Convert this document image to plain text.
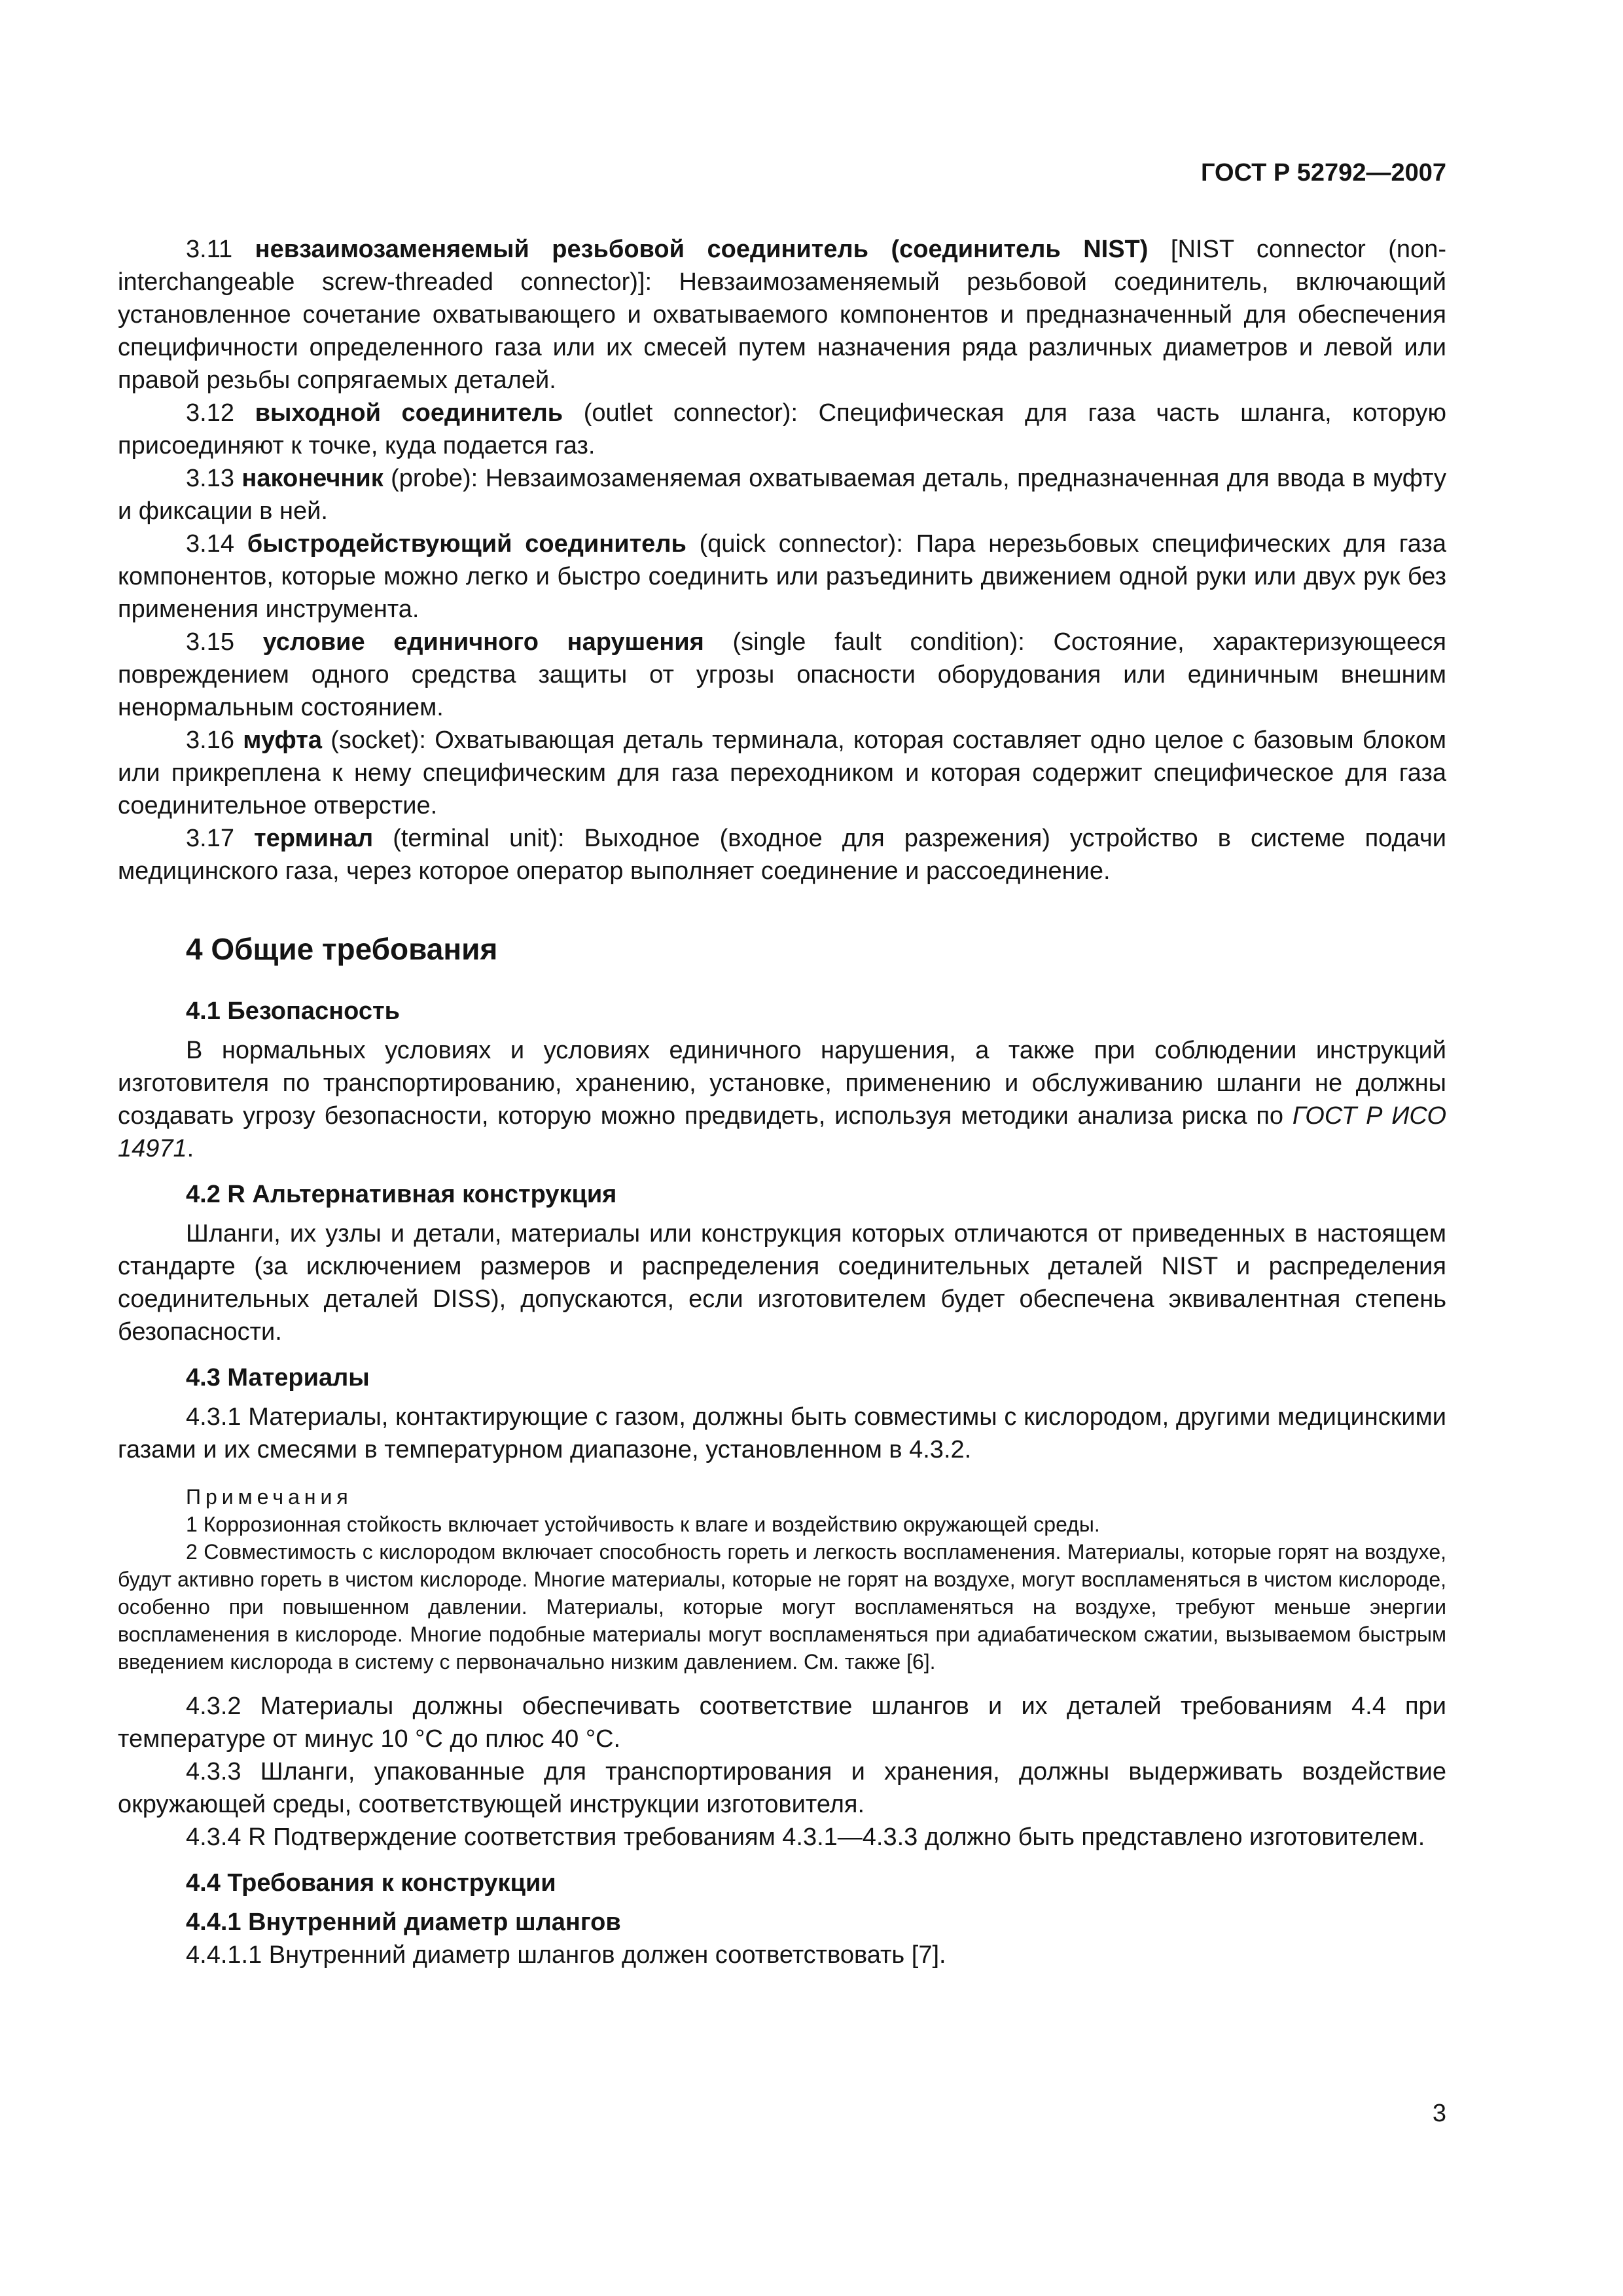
ГОСТ Р 52792—2007

3.11 невзаимозаменяемый резьбовой соединитель (соединитель NIST) [NIST connector (non-interchangeable screw-threaded connector)]: Невзаимозаменяемый резьбовой соединитель, включающий установленное сочетание охватывающего и охватываемого компонентов и предназначенный для обеспечения специфичности определенного газа или их смесей путем назначения ряда различных диаметров и левой или правой резьбы сопрягаемых деталей.

3.12 выходной соединитель (outlet connector): Специфическая для газа часть шланга, которую присоединяют к точке, куда подается газ.

3.13 наконечник (probe): Невзаимозаменяемая охватываемая деталь, предназначенная для ввода в муфту и фиксации в ней.

3.14 быстродействующий соединитель (quick connector): Пара нерезьбовых специфических для газа компонентов, которые можно легко и быстро соединить или разъединить движением одной руки или двух рук без применения инструмента.

3.15 условие единичного нарушения (single fault condition): Состояние, характеризующееся повреждением одного средства защиты от угрозы опасности оборудования или единичным внешним ненормальным состоянием.

3.16 муфта (socket): Охватывающая деталь терминала, которая составляет одно целое с базовым блоком или прикреплена к нему специфическим для газа переходником и которая содержит специфическое для газа соединительное отверстие.

3.17 терминал (terminal unit): Выходное (входное для разрежения) устройство в системе подачи медицинского газа, через которое оператор выполняет соединение и рассоединение.

4 Общие требования
4.1 Безопасность

В нормальных условиях и условиях единичного нарушения, а также при соблюдении инструкций изготовителя по транспортированию, хранению, установке, применению и обслуживанию шланги не должны создавать угрозу безопасности, которую можно предвидеть, используя методики анализа риска по ГОСТ Р ИСО 14971.

4.2 R Альтернативная конструкция

Шланги, их узлы и детали, материалы или конструкция которых отличаются от приведенных в настоящем стандарте (за исключением размеров и распределения соединительных деталей NIST и распределения соединительных деталей DISS), допускаются, если изготовителем будет обеспечена эквивалентная степень безопасности.

4.3 Материалы

4.3.1 Материалы, контактирующие с газом, должны быть совместимы с кислородом, другими медицинскими газами и их смесями в температурном диапазоне, установленном в 4.3.2.

Примечания

1 Коррозионная стойкость включает устойчивость к влаге и воздействию окружающей среды.

2 Совместимость с кислородом включает способность гореть и легкость воспламенения. Материалы, которые горят на воздухе, будут активно гореть в чистом кислороде. Многие материалы, которые не горят на воздухе, могут воспламеняться в чистом кислороде, особенно при повышенном давлении. Материалы, которые могут воспламеняться на воздухе, требуют меньше энергии воспламенения в кислороде. Многие подобные материалы могут воспламеняться при адиабатическом сжатии, вызываемом быстрым введением кислорода в систему с первоначально низким давлением. См. также [6].

4.3.2 Материалы должны обеспечивать соответствие шлангов и их деталей требованиям 4.4 при температуре от минус 10 °С до плюс 40 °С.

4.3.3 Шланги, упакованные для транспортирования и хранения, должны выдерживать воздействие окружающей среды, соответствующей инструкции изготовителя.

4.3.4 R Подтверждение соответствия требованиям 4.3.1—4.3.3 должно быть представлено изготовителем.

4.4 Требования к конструкции
4.4.1 Внутренний диаметр шлангов

4.4.1.1 Внутренний диаметр шлангов должен соответствовать [7].

3
